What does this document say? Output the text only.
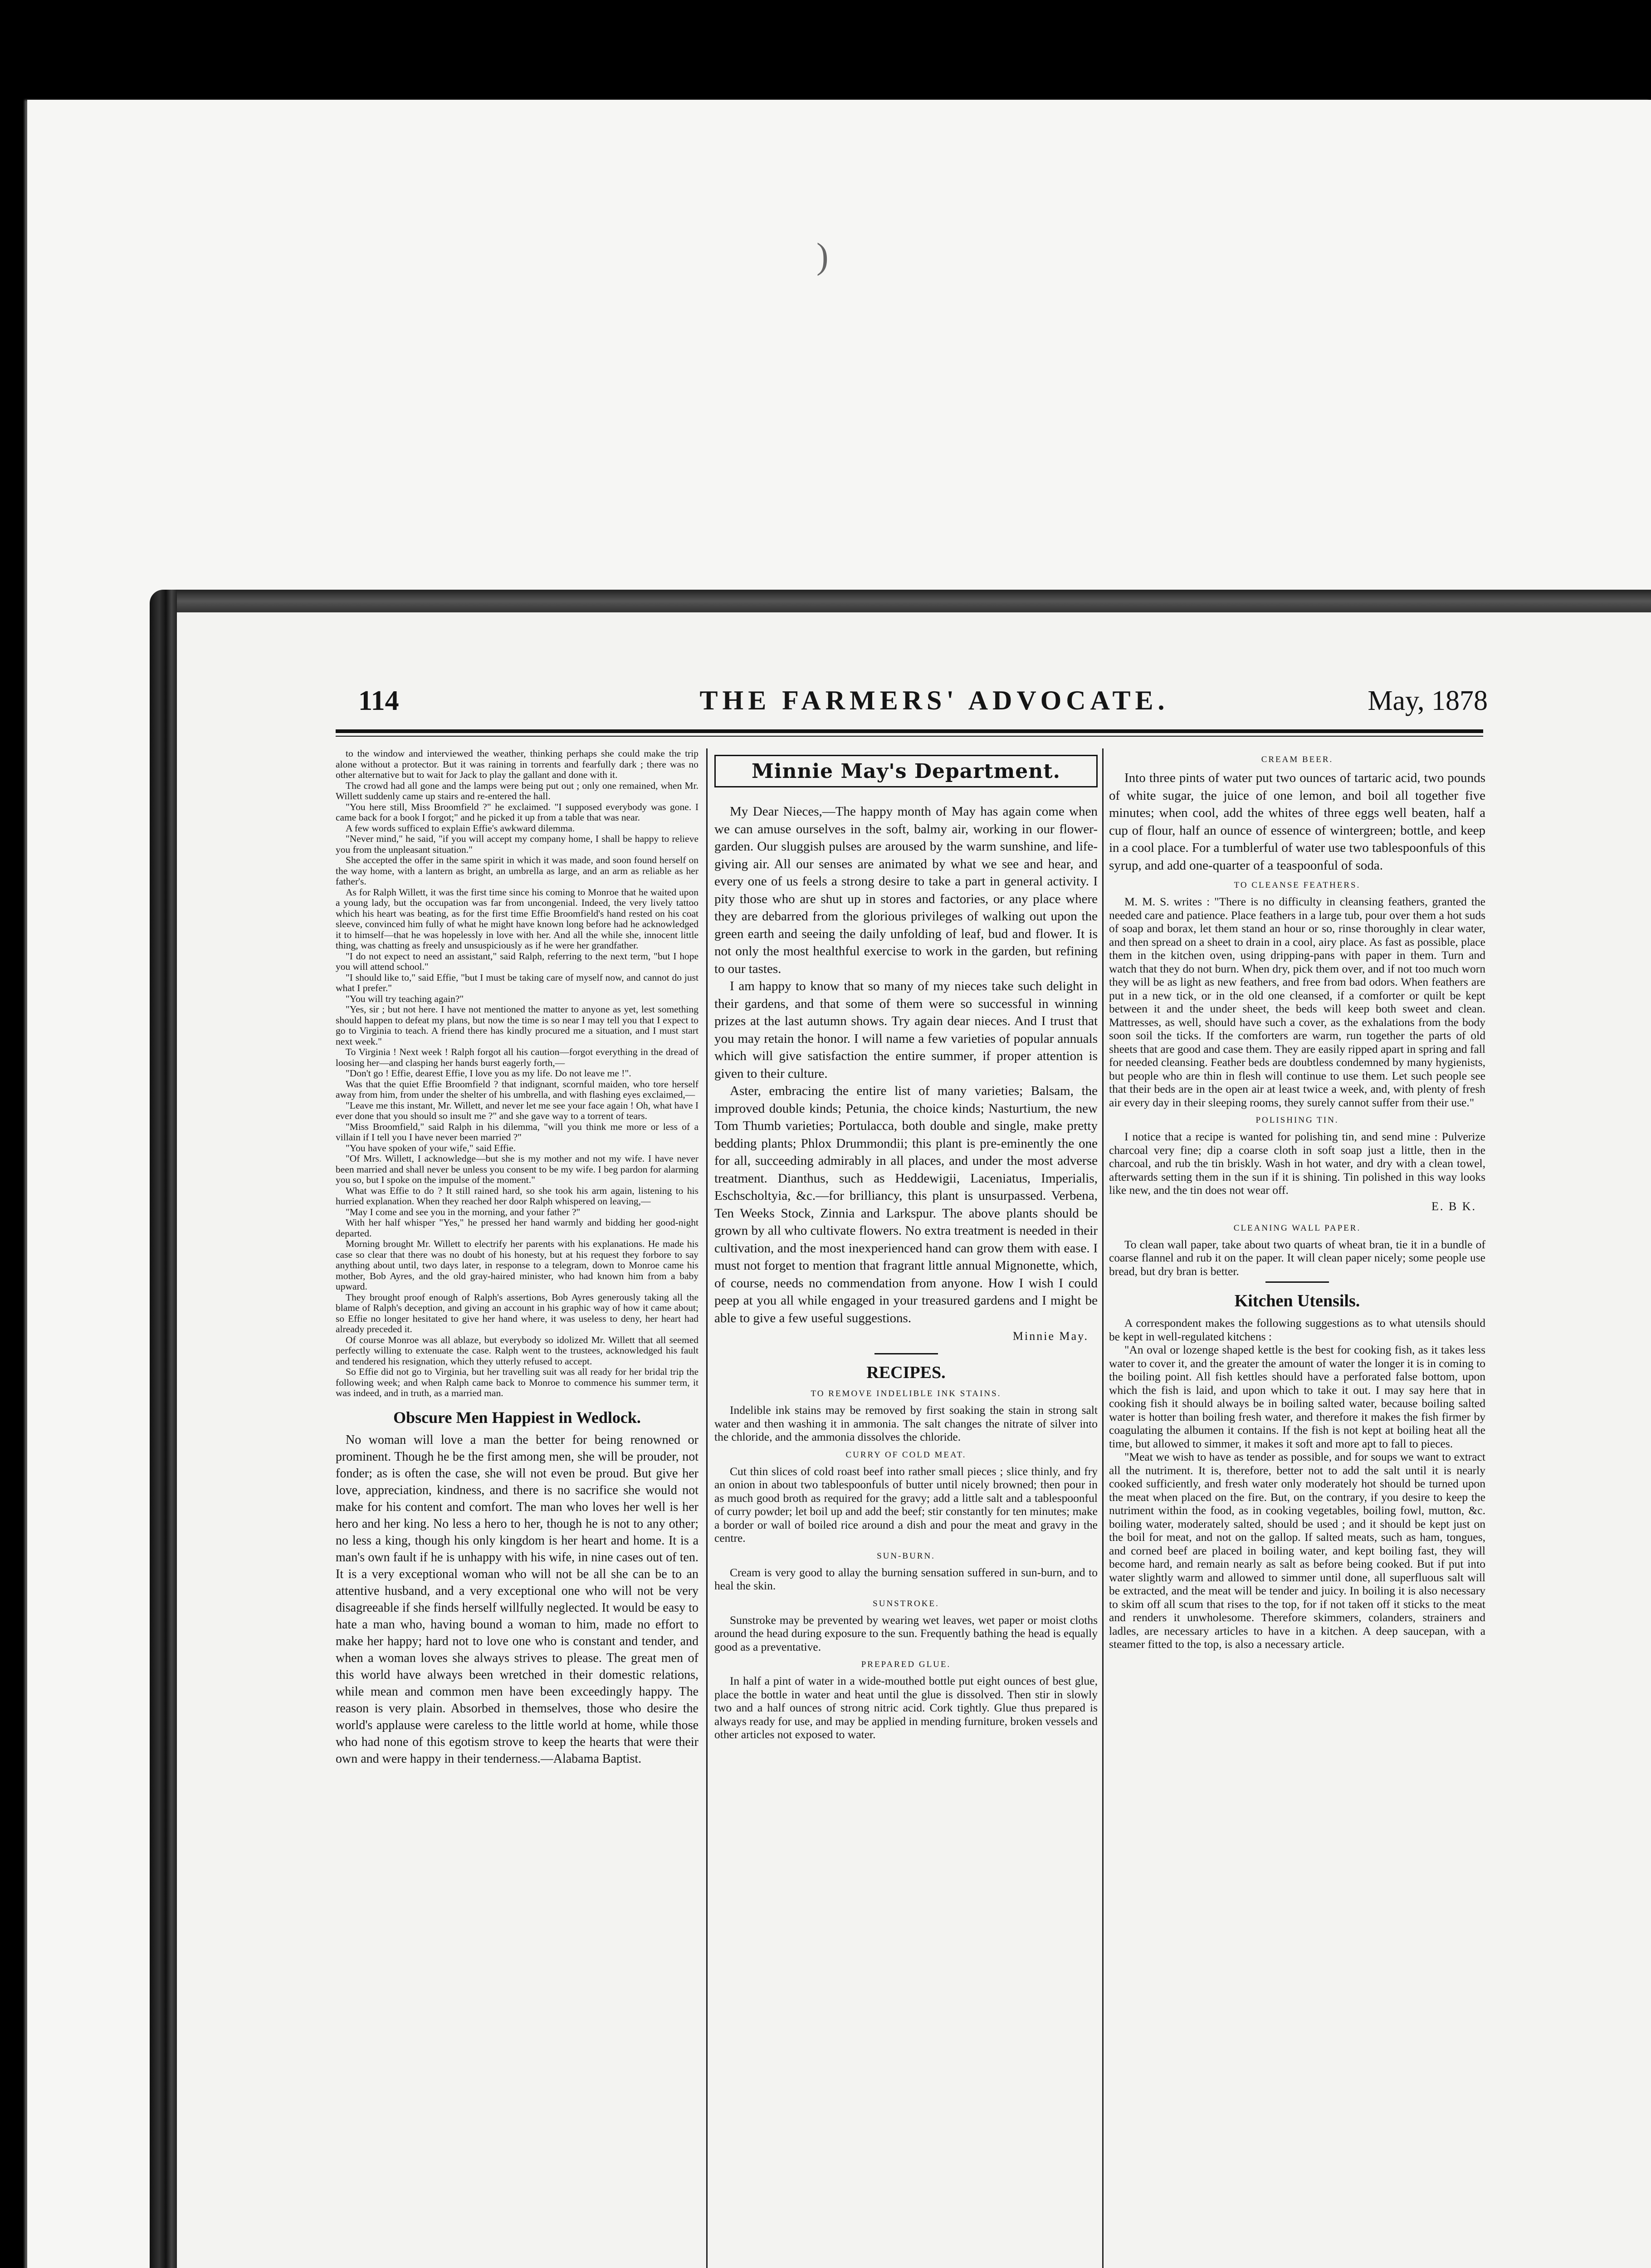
)
114	THE FARMERS' ADVOCATE.	May, 1878

to the window and interviewed the weather, thinking perhaps she could make the trip alone without a protector. But it was raining in torrents and fearfully dark ; there was no other alternative but to wait for Jack to play the gallant and done with it.

The crowd had all gone and the lamps were being put out ; only one remained, when Mr. Willett suddenly came up stairs and re-entered the hall.

"You here still, Miss Broomfield ?" he exclaimed. "I supposed everybody was gone. I came back for a book I forgot;" and he picked it up from a table that was near.

A few words sufficed to explain Effie's awkward dilemma.

"Never mind," he said, "if you will accept my company home, I shall be happy to relieve you from the unpleasant situation."

She accepted the offer in the same spirit in which it was made, and soon found herself on the way home, with a lantern as bright, an umbrella as large, and an arm as reliable as her father's.

As for Ralph Willett, it was the first time since his coming to Monroe that he waited upon a young lady, but the occupation was far from uncongenial. Indeed, the very lively tattoo which his heart was beating, as for the first time Effie Broomfield's hand rested on his coat sleeve, convinced him fully of what he might have known long before had he acknowledged it to himself—that he was hopelessly in love with her. And all the while she, innocent little thing, was chatting as freely and unsuspiciously as if he were her grandfather.

"I do not expect to need an assistant," said Ralph, referring to the next term, "but I hope you will attend school."

"I should like to," said Effie, "but I must be taking care of myself now, and cannot do just what I prefer."

"You will try teaching again?"

"Yes, sir ; but not here. I have not mentioned the matter to anyone as yet, lest something should happen to defeat my plans, but now the time is so near I may tell you that I expect to go to Virginia to teach. A friend there has kindly procured me a situation, and I must start next week."

To Virginia ! Next week ! Ralph forgot all his caution—forgot everything in the dread of loosing her—and clasping her hands burst eagerly forth,—

"Don't go ! Effie, dearest Effie, I love you as my life. Do not leave me !".

Was that the quiet Effie Broomfield ? that indignant, scornful maiden, who tore herself away from him, from under the shelter of his umbrella, and with flashing eyes exclaimed,—

"Leave me this instant, Mr. Willett, and never let me see your face again ! Oh, what have I ever done that you should so insult me ?" and she gave way to a torrent of tears.

"Miss Broomfield," said Ralph in his dilemma, "will you think me more or less of a villain if I tell you I have never been married ?"

"You have spoken of your wife," said Effie.

"Of Mrs. Willett, I acknowledge—but she is my mother and not my wife. I have never been married and shall never be unless you consent to be my wife. I beg pardon for alarming you so, but I spoke on the impulse of the moment."

What was Effie to do ? It still rained hard, so she took his arm again, listening to his hurried explanation. When they reached her door Ralph whispered on leaving,—

"May I come and see you in the morning, and your father ?"

With her half whisper "Yes," he pressed her hand warmly and bidding her good-night departed.

Morning brought Mr. Willett to electrify her parents with his explanations. He made his case so clear that there was no doubt of his honesty, but at his request they forbore to say anything about until, two days later, in response to a telegram, down to Monroe came his mother, Bob Ayres, and the old gray-haired minister, who had known him from a baby upward.

They brought proof enough of Ralph's assertions, Bob Ayres generously taking all the blame of Ralph's deception, and giving an account in his graphic way of how it came about; so Effie no longer hesitated to give her hand where, it was useless to deny, her heart had already preceded it.

Of course Monroe was all ablaze, but everybody so idolized Mr. Willett that all seemed perfectly willing to extenuate the case. Ralph went to the trustees, acknowledged his fault and tendered his resignation, which they utterly refused to accept.

So Effie did not go to Virginia, but her travelling suit was all ready for her bridal trip the following week; and when Ralph came back to Monroe to commence his summer term, it was indeed, and in truth, as a married man.

Obscure Men Happiest in Wedlock.

No woman will love a man the better for being renowned or prominent. Though he be the first among men, she will be prouder, not fonder; as is often the case, she will not even be proud. But give her love, appreciation, kindness, and there is no sacrifice she would not make for his content and comfort. The man who loves her well is her hero and her king. No less a hero to her, though he is not to any other; no less a king, though his only kingdom is her heart and home. It is a man's own fault if he is unhappy with his wife, in nine cases out of ten. It is a very exceptional woman who will not be all she can be to an attentive husband, and a very exceptional one who will not be very disagreeable if she finds herself willfully neglected. It would be easy to hate a man who, having bound a woman to him, made no effort to make her happy; hard not to love one who is constant and tender, and when a woman loves she always strives to please. The great men of this world have always been wretched in their domestic relations, while mean and common men have been exceedingly happy. The reason is very plain. Absorbed in themselves, those who desire the world's applause were careless to the little world at home, while those who had none of this egotism strove to keep the hearts that were their own and were happy in their tenderness.—Alabama Baptist.

Minnie May's Department.

My Dear Nieces,—The happy month of May has again come when we can amuse ourselves in the soft, balmy air, working in our flower-garden. Our sluggish pulses are aroused by the warm sunshine, and life-giving air. All our senses are animated by what we see and hear, and every one of us feels a strong desire to take a part in general activity. I pity those who are shut up in stores and factories, or any place where they are debarred from the glorious privileges of walking out upon the green earth and seeing the daily unfolding of leaf, bud and flower. It is not only the most healthful exercise to work in the garden, but refining to our tastes.

I am happy to know that so many of my nieces take such delight in their gardens, and that some of them were so successful in winning prizes at the last autumn shows. Try again dear nieces. And I trust that you may retain the honor. I will name a few varieties of popular annuals which will give satisfaction the entire summer, if proper attention is given to their culture.

Aster, embracing the entire list of many varieties; Balsam, the improved double kinds; Petunia, the choice kinds; Nasturtium, the new Tom Thumb varieties; Portulacca, both double and single, make pretty bedding plants; Phlox Drummondii; this plant is pre-eminently the one for all, succeeding admirably in all places, and under the most adverse treatment. Dianthus, such as Heddewigii, Laceniatus, Imperialis, Eschscholtyia, &c.—for brilliancy, this plant is unsurpassed. Verbena, Ten Weeks Stock, Zinnia and Larkspur. The above plants should be grown by all who cultivate flowers. No extra treatment is needed in their cultivation, and the most inexperienced hand can grow them with ease. I must not forget to mention that fragrant little annual Mignonette, which, of course, needs no commendation from anyone. How I wish I could peep at you all while engaged in your treasured gardens and I might be able to give a few useful suggestions.

Minnie May.
RECIPES.
TO REMOVE INDELIBLE INK STAINS.

Indelible ink stains may be removed by first soaking the stain in strong salt water and then washing it in ammonia. The salt changes the nitrate of silver into the chloride, and the ammonia dissolves the chloride.

CURRY OF COLD MEAT.

Cut thin slices of cold roast beef into rather small pieces ; slice thinly, and fry an onion in about two tablespoonfuls of butter until nicely browned; then pour in as much good broth as required for the gravy; add a little salt and a tablespoonful of curry powder; let boil up and add the beef; stir constantly for ten minutes; make a border or wall of boiled rice around a dish and pour the meat and gravy in the centre.

SUN-BURN.

Cream is very good to allay the burning sensation suffered in sun-burn, and to heal the skin.

SUNSTROKE.

Sunstroke may be prevented by wearing wet leaves, wet paper or moist cloths around the head during exposure to the sun. Frequently bathing the head is equally good as a preventative.

PREPARED GLUE.

In half a pint of water in a wide-mouthed bottle put eight ounces of best glue, place the bottle in water and heat until the glue is dissolved. Then stir in slowly two and a half ounces of strong nitric acid. Cork tightly. Glue thus prepared is always ready for use, and may be applied in mending furniture, broken vessels and other articles not exposed to water.

CREAM BEER.

Into three pints of water put two ounces of tartaric acid, two pounds of white sugar, the juice of one lemon, and boil all together five minutes; when cool, add the whites of three eggs well beaten, half a cup of flour, half an ounce of essence of wintergreen; bottle, and keep in a cool place. For a tumblerful of water use two tablespoonfuls of this syrup, and add one-quarter of a teaspoonful of soda.

TO CLEANSE FEATHERS.

M. M. S. writes : "There is no difficulty in cleansing feathers, granted the needed care and patience. Place feathers in a large tub, pour over them a hot suds of soap and borax, let them stand an hour or so, rinse thoroughly in clear water, and then spread on a sheet to drain in a cool, airy place. As fast as possible, place them in the kitchen oven, using dripping-pans with paper in them. Turn and watch that they do not burn. When dry, pick them over, and if not too much worn they will be as light as new feathers, and free from bad odors. When feathers are put in a new tick, or in the old one cleansed, if a comforter or quilt be kept between it and the under sheet, the beds will keep both sweet and clean. Mattresses, as well, should have such a cover, as the exhalations from the body soon soil the ticks. If the comforters are warm, run together the parts of old sheets that are good and case them. They are easily ripped apart in spring and fall for needed cleansing. Feather beds are doubtless condemned by many hygienists, but people who are thin in flesh will continue to use them. Let such people see that their beds are in the open air at least twice a week, and, with plenty of fresh air every day in their sleeping rooms, they surely cannot suffer from their use."

POLISHING TIN.

I notice that a recipe is wanted for polishing tin, and send mine : Pulverize charcoal very fine; dip a coarse cloth in soft soap just a little, then in the charcoal, and rub the tin briskly. Wash in hot water, and dry with a clean towel, afterwards setting them in the sun if it is shining. Tin polished in this way looks like new, and the tin does not wear off.

E. B K.
CLEANING WALL PAPER.

To clean wall paper, take about two quarts of wheat bran, tie it in a bundle of coarse flannel and rub it on the paper. It will clean paper nicely; some people use bread, but dry bran is better.

Kitchen Utensils.

A correspondent makes the following suggestions as to what utensils should be kept in well-regulated kitchens :

"An oval or lozenge shaped kettle is the best for cooking fish, as it takes less water to cover it, and the greater the amount of water the longer it is in coming to the boiling point. All fish kettles should have a perforated false bottom, upon which the fish is laid, and upon which to take it out. I may say here that in cooking fish it should always be in boiling salted water, because boiling salted water is hotter than boiling fresh water, and therefore it makes the fish firmer by coagulating the albumen it contains. If the fish is not kept at boiling heat all the time, but allowed to simmer, it makes it soft and more apt to fall to pieces.

"Meat we wish to have as tender as possible, and for soups we want to extract all the nutriment. It is, therefore, better not to add the salt until it is nearly cooked sufficiently, and fresh water only moderately hot should be turned upon the meat when placed on the fire. But, on the contrary, if you desire to keep the nutriment within the food, as in cooking vegetables, boiling fowl, mutton, &c. boiling water, moderately salted, should be used ; and it should be kept just on the boil for meat, and not on the gallop. If salted meats, such as ham, tongues, and corned beef are placed in boiling water, and kept boiling fast, they will become hard, and remain nearly as salt as before being cooked. But if put into water slightly warm and allowed to simmer until done, all superfluous salt will be extracted, and the meat will be tender and juicy. In boiling it is also necessary to skim off all scum that rises to the top, for if not taken off it sticks to the meat and renders it unwholesome. Therefore skimmers, colanders, strainers and ladles, are necessary articles to have in a kitchen. A deep saucepan, with a steamer fitted to the top, is also a necessary article.
